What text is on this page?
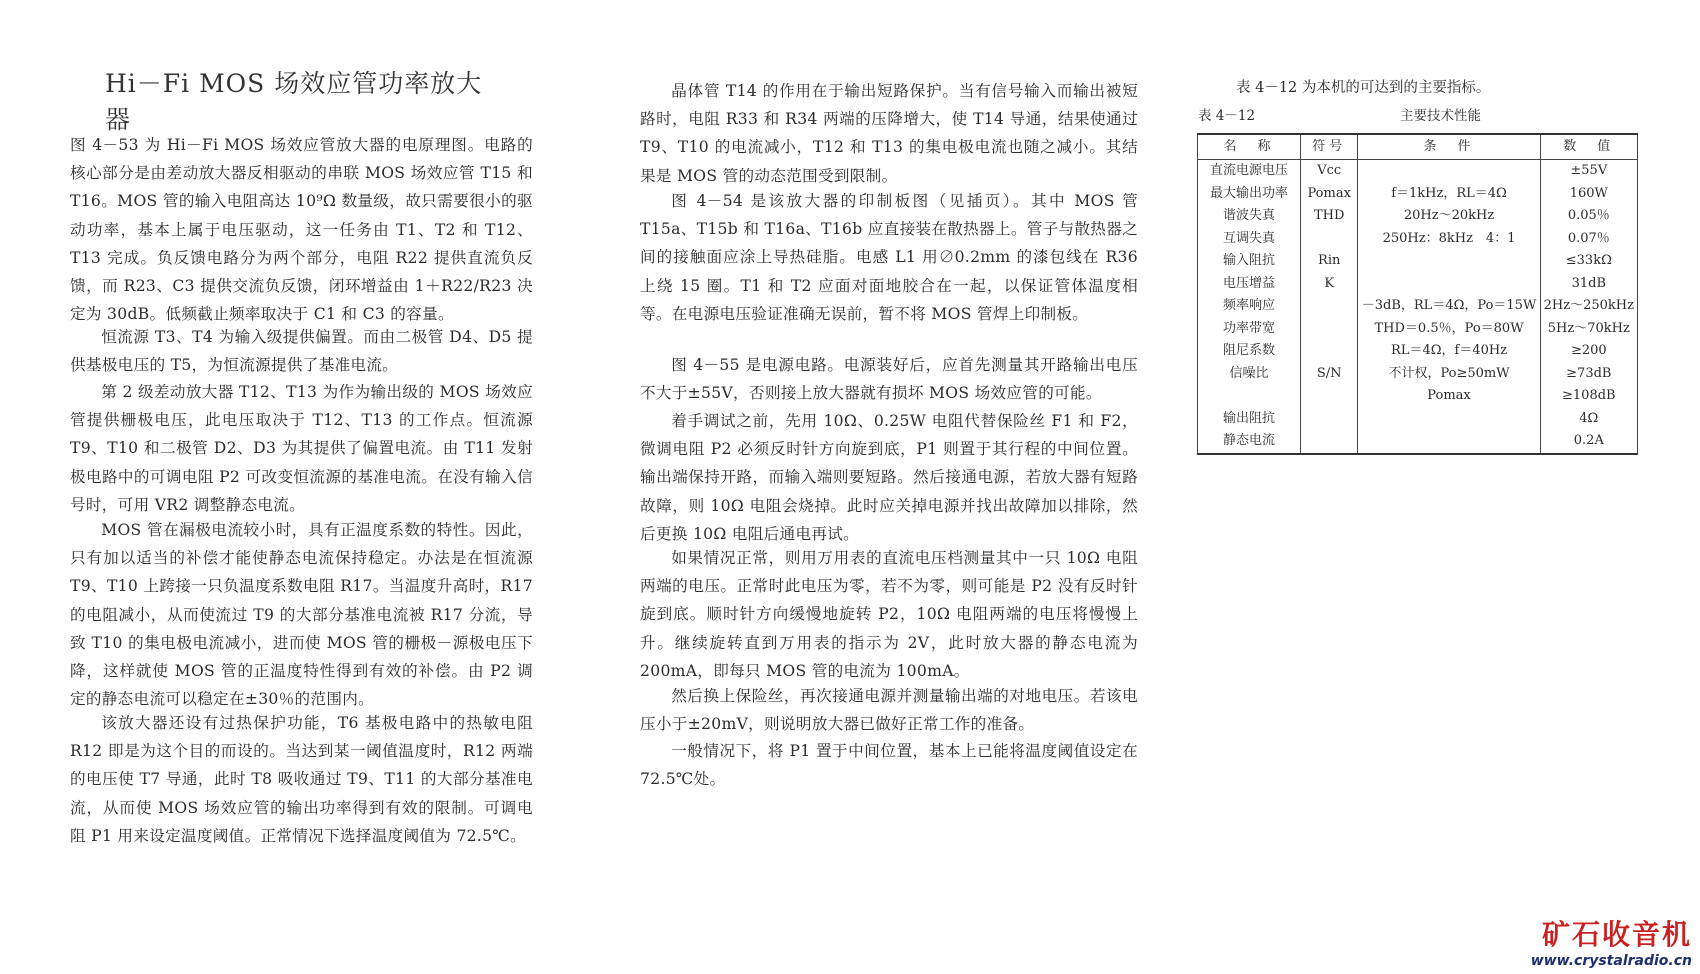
Hi－Fi MOS 场效应管功率放大器

图 4－53 为 Hi－Fi MOS 场效应管放大器的电原理图。电路的核心部分是由差动放大器反相驱动的串联 MOS 场效应管 T15 和 T16。MOS 管的输入电阻高达 10⁹Ω 数量级，故只需要很小的驱动功率，基本上属于电压驱动，这一任务由 T1、T2 和 T12、T13 完成。负反馈电路分为两个部分，电阻 R22 提供直流负反馈，而 R23、C3 提供交流负反馈，闭环增益由 1＋R22/R23 决定为 30dB。低频截止频率取决于 C1 和 C3 的容量。

恒流源 T3、T4 为输入级提供偏置。而由二极管 D4、D5 提供基极电压的 T5，为恒流源提供了基准电流。

第 2 级差动放大器 T12、T13 为作为输出级的 MOS 场效应管提供栅极电压，此电压取决于 T12、T13 的工作点。恒流源 T9、T10 和二极管 D2、D3 为其提供了偏置电流。由 T11 发射极电路中的可调电阻 P2 可改变恒流源的基准电流。在没有输入信号时，可用 VR2 调整静态电流。

MOS 管在漏极电流较小时，具有正温度系数的特性。因此，只有加以适当的补偿才能使静态电流保持稳定。办法是在恒流源 T9、T10 上跨接一只负温度系数电阻 R17。当温度升高时，R17 的电阻减小，从而使流过 T9 的大部分基准电流被 R17 分流，导致 T10 的集电极电流减小，进而使 MOS 管的栅极－源极电压下降，这样就使 MOS 管的正温度特性得到有效的补偿。由 P2 调定的静态电流可以稳定在±30％的范围内。

该放大器还设有过热保护功能，T6 基极电路中的热敏电阻 R12 即是为这个目的而设的。当达到某一阈值温度时，R12 两端的电压使 T7 导通，此时 T8 吸收通过 T9、T11 的大部分基准电流，从而使 MOS 场效应管的输出功率得到有效的限制。可调电阻 P1 用来设定温度阈值。正常情况下选择温度阈值为 72.5℃。

晶体管 T14 的作用在于输出短路保护。当有信号输入而输出被短路时，电阻 R33 和 R34 两端的压降增大，使 T14 导通，结果使通过 T9、T10 的电流减小，T12 和 T13 的集电极电流也随之减小。其结果是 MOS 管的动态范围受到限制。

图 4－54 是该放大器的印制板图（见插页）。其中 MOS 管 T15a、T15b 和 T16a、T16b 应直接装在散热器上。管子与散热器之间的接触面应涂上导热硅脂。电感 L1 用∅0.2mm 的漆包线在 R36 上绕 15 圈。T1 和 T2 应面对面地胶合在一起，以保证管体温度相等。在电源电压验证准确无误前，暂不将 MOS 管焊上印制板。

图 4－55 是电源电路。电源装好后，应首先测量其开路输出电压不大于±55V，否则接上放大器就有损坏 MOS 场效应管的可能。

着手调试之前，先用 10Ω、0.25W 电阻代替保险丝 F1 和 F2，微调电阻 P2 必须反时针方向旋到底，P1 则置于其行程的中间位置。输出端保持开路，而输入端则要短路。然后接通电源，若放大器有短路故障，则 10Ω 电阻会烧掉。此时应关掉电源并找出故障加以排除，然后更换 10Ω 电阻后通电再试。

如果情况正常，则用万用表的直流电压档测量其中一只 10Ω 电阻两端的电压。正常时此电压为零，若不为零，则可能是 P2 没有反时针旋到底。顺时针方向缓慢地旋转 P2，10Ω 电阻两端的电压将慢慢上升。继续旋转直到万用表的指示为 2V，此时放大器的静态电流为 200mA，即每只 MOS 管的电流为 100mA。

然后换上保险丝，再次接通电源并测量输出端的对地电压。若该电压小于±20mV，则说明放大器已做好正常工作的准备。

一般情况下，将 P1 置于中间位置，基本上已能将温度阈值设定在 72.5℃处。

表 4－12 为本机的可达到的主要指标。
表 4－12	主要技术性能
名　称	符号	条　件	数　值
直流电源电压	Vcc		±55V
最大输出功率	Pomax	f＝1kHz，RL＝4Ω	160W
谐波失真	THD	20Hz～20kHz	0.05％
互调失真		250Hz：8kHz　4：1	0.07％
输入阻抗	Rin		≤33kΩ
电压增益	K		31dB
频率响应		－3dB，RL＝4Ω，Po＝15W	2Hz～250kHz
功率带宽		THD＝0.5％，Po＝80W	5Hz～70kHz
阻尼系数		RL＝4Ω，f＝40Hz	≥200
信噪比	S/N	不计权，Po≥50mW	≥73dB
		Pomax	≥108dB
输出阻抗			4Ω
静态电流			0.2A
矿石收音机
www.crystalradio.cn
